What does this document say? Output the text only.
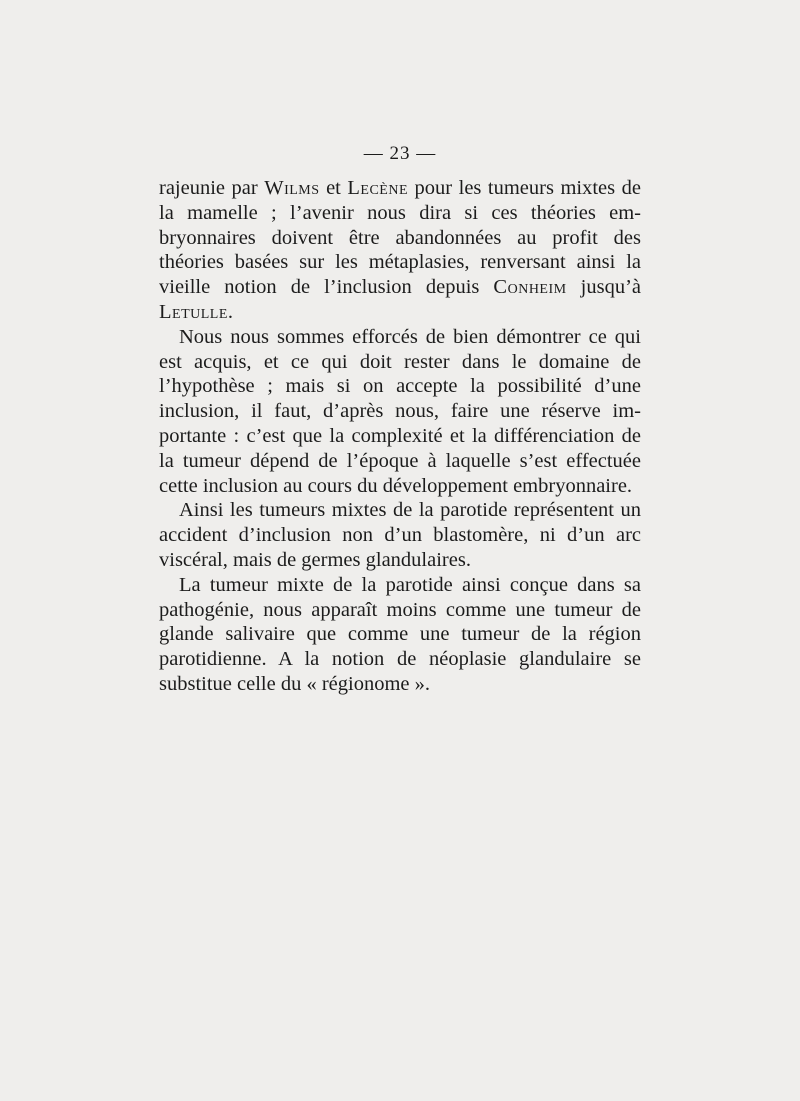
— 23 —

rajeunie par Wilms et Lecène pour les tumeurs mixtes de la mamelle ; l’avenir nous dira si ces théories embryonnaires doivent être abandonnées au profit des théories basées sur les métaplasies, renversant ainsi la vieille notion de l’inclusion depuis Conheim jusqu’à Letulle.

Nous nous sommes efforcés de bien démontrer ce qui est acquis, et ce qui doit rester dans le domaine de l’hypothèse ; mais si on accepte la possibilité d’une inclusion, il faut, d’après nous, faire une réserve importante : c’est que la complexité et la différenciation de la tumeur dépend de l’époque à laquelle s’est effectuée cette inclusion au cours du développement embryonnaire.

Ainsi les tumeurs mixtes de la parotide représentent un accident d’inclusion non d’un blastomère, ni d’un arc viscéral, mais de germes glandulaires.

La tumeur mixte de la parotide ainsi conçue dans sa pathogénie, nous apparaît moins comme une tumeur de glande salivaire que comme une tumeur de la région parotidienne. A la notion de néoplasie glandulaire se substitue celle du « régionome ».
